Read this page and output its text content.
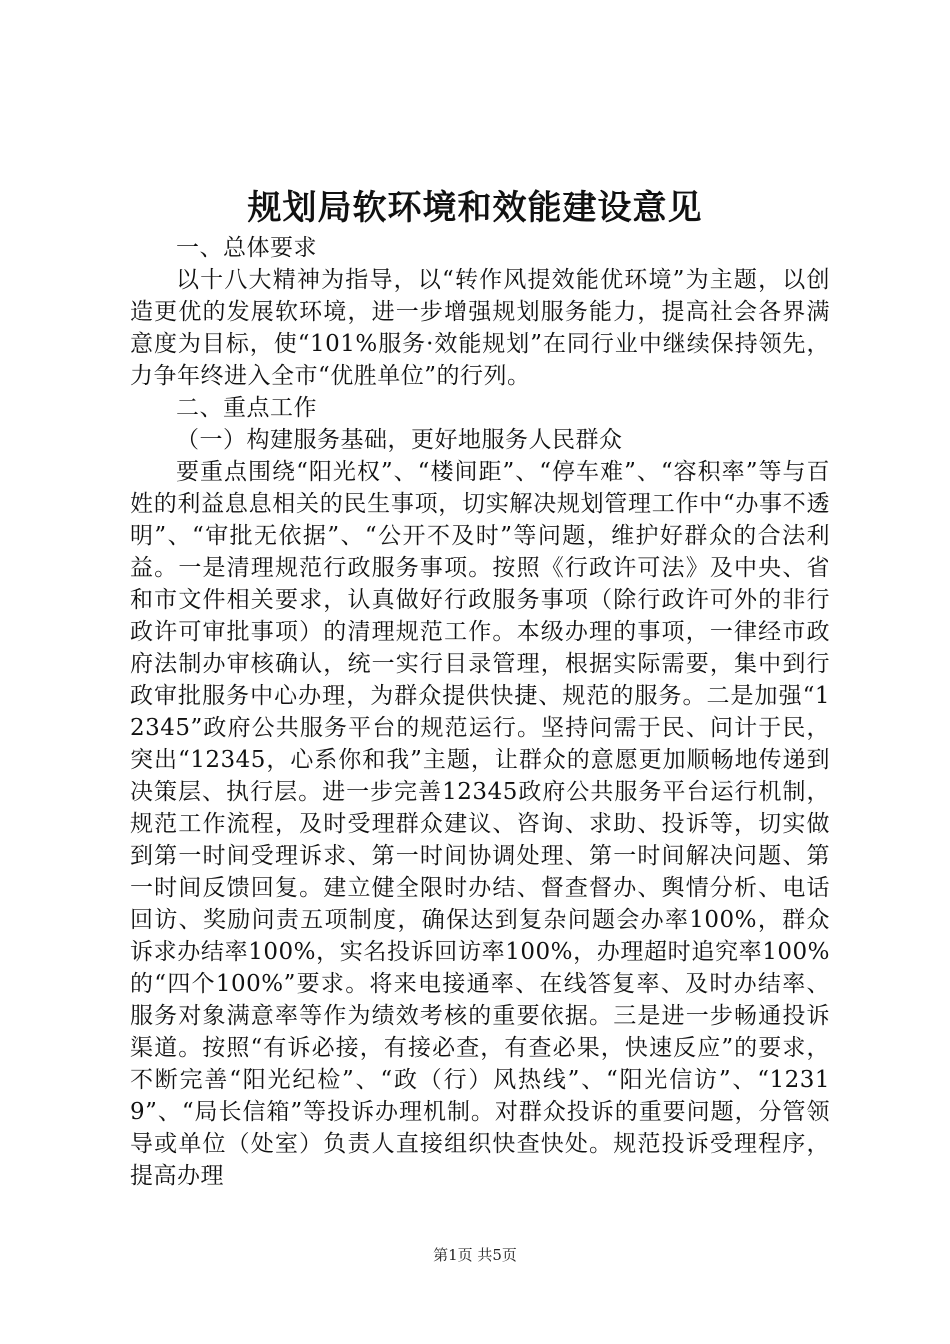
规划局软环境和效能建设意见

一、总体要求

以十八大精神为指导，以“转作风提效能优环境”为主题，以创造更优的发展软环境，进一步增强规划服务能力，提高社会各界满意度为目标，使“101%服务·效能规划”在同行业中继续保持领先，力争年终进入全市“优胜单位”的行列。

二、重点工作

（一）构建服务基础，更好地服务人民群众

要重点围绕“阳光权”、“楼间距”、“停车难”、“容积率”等与百姓的利益息息相关的民生事项，切实解决规划管理工作中“办事不透明”、“审批无依据”、“公开不及时”等问题，维护好群众的合法利益。一是清理规范行政服务事项。按照《行政许可法》及中央、省和市文件相关要求，认真做好行政服务事项（除行政许可外的非行政许可审批事项）的清理规范工作。本级办理的事项，一律经市政府法制办审核确认，统一实行目录管理，根据实际需要，集中到行政审批服务中心办理，为群众提供快捷、规范的服务。二是加强“12345”政府公共服务平台的规范运行。坚持问需于民、问计于民，突出“12345，心系你和我”主题，让群众的意愿更加顺畅地传递到决策层、执行层。进一步完善12345政府公共服务平台运行机制，规范工作流程，及时受理群众建议、咨询、求助、投诉等，切实做到第一时间受理诉求、第一时间协调处理、第一时间解决问题、第一时间反馈回复。建立健全限时办结、督查督办、舆情分析、电话回访、奖励问责五项制度，确保达到复杂问题会办率100%，群众诉求办结率100%，实名投诉回访率100%，办理超时追究率100%的“四个100%”要求。将来电接通率、在线答复率、及时办结率、服务对象满意率等作为绩效考核的重要依据。三是进一步畅通投诉渠道。按照“有诉必接，有接必查，有查必果，快速反应”的要求，不断完善“阳光纪检”、“政（行）风热线”、“阳光信访”、“12319”、“局长信箱”等投诉办理机制。对群众投诉的重要问题，分管领导或单位（处室）负责人直接组织快查快处。规范投诉受理程序，提高办理

第1页 共5页
